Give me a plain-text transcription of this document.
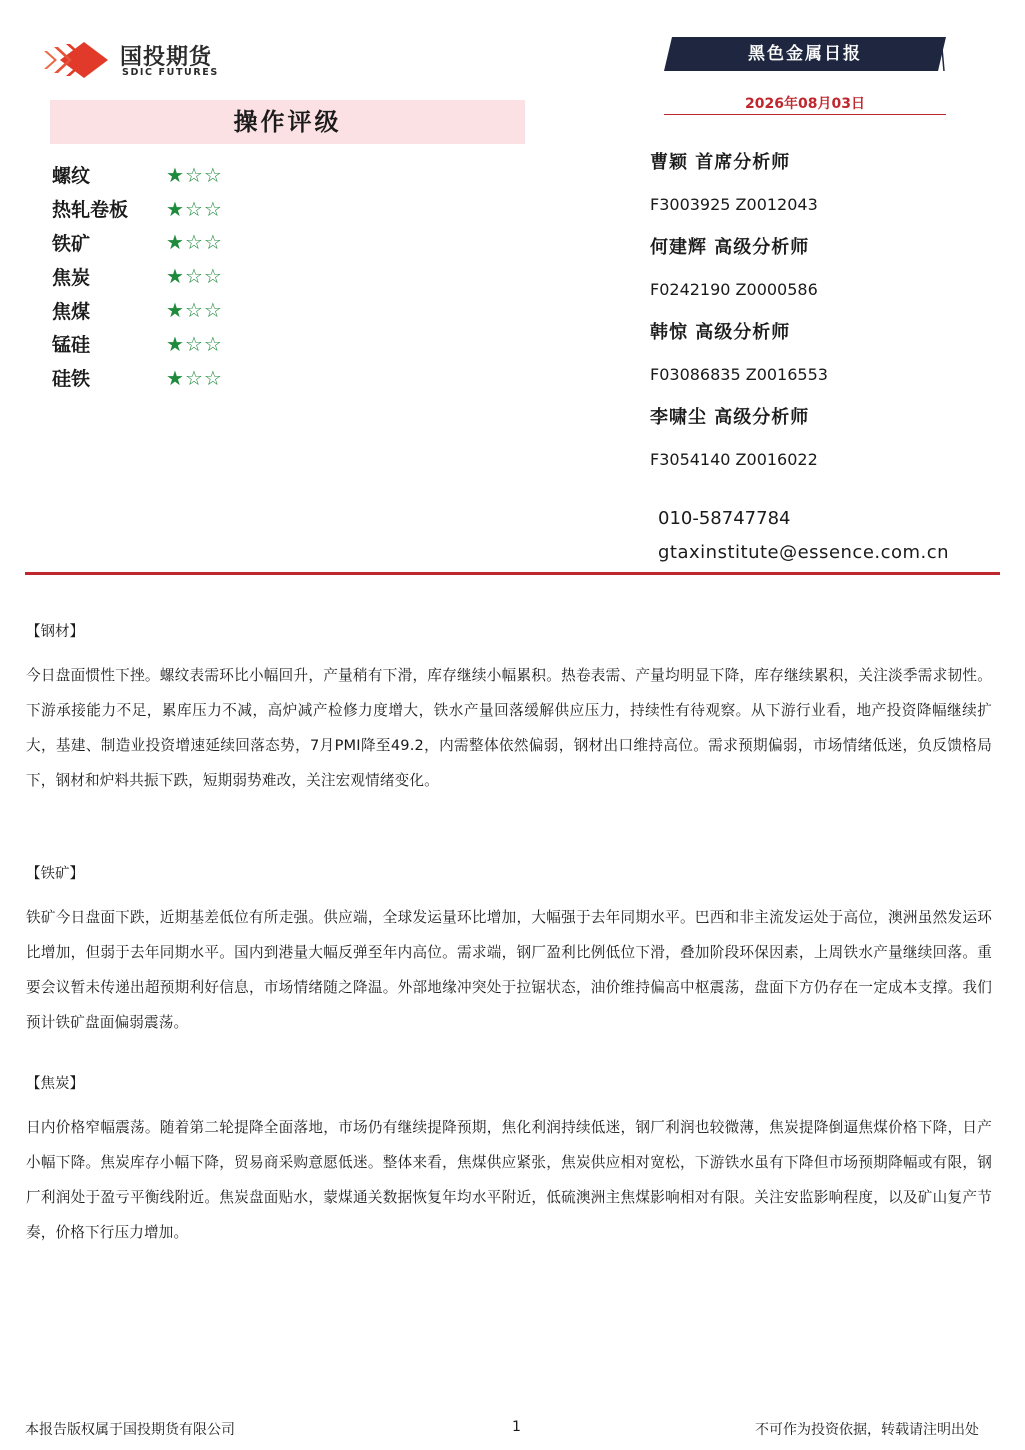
国投期货
SDIC FUTURES
黑色金属日报
2026年08月03日
操作评级
螺纹	★☆☆
热轧卷板	★☆☆
铁矿	★☆☆
焦炭	★☆☆
焦煤	★☆☆
锰硅	★☆☆
硅铁	★☆☆
曹颖 首席分析师
F3003925 Z0012043
何建辉 高级分析师
F0242190 Z0000586
韩惊 高级分析师
F03086835 Z0016553
李啸尘 高级分析师
F3054140 Z0016022
010-58747784
gtaxinstitute@essence.com.cn
【钢材】
今日盘面惯性下挫。螺纹表需环比小幅回升，产量稍有下滑，库存继续小幅累积。热卷表需、产量均明显下降，库存继续累积，关注淡季需求韧性。下游承接能力不足，累库压力不减，高炉减产检修力度增大，铁水产量回落缓解供应压力，持续性有待观察。从下游行业看，地产投资降幅继续扩大，基建、制造业投资增速延续回落态势，7月PMI降至49.2，内需整体依然偏弱，钢材出口维持高位。需求预期偏弱，市场情绪低迷，负反馈格局下，钢材和炉料共振下跌，短期弱势难改，关注宏观情绪变化。
【铁矿】
铁矿今日盘面下跌，近期基差低位有所走强。供应端，全球发运量环比增加，大幅强于去年同期水平。巴西和非主流发运处于高位，澳洲虽然发运环比增加，但弱于去年同期水平。国内到港量大幅反弹至年内高位。需求端，钢厂盈利比例低位下滑，叠加阶段环保因素，上周铁水产量继续回落。重要会议暂未传递出超预期利好信息，市场情绪随之降温。外部地缘冲突处于拉锯状态，油价维持偏高中枢震荡，盘面下方仍存在一定成本支撑。我们预计铁矿盘面偏弱震荡。
【焦炭】
日内价格窄幅震荡。随着第二轮提降全面落地，市场仍有继续提降预期，焦化利润持续低迷，钢厂利润也较微薄，焦炭提降倒逼焦煤价格下降，日产小幅下降。焦炭库存小幅下降，贸易商采购意愿低迷。整体来看，焦煤供应紧张，焦炭供应相对宽松，下游铁水虽有下降但市场预期降幅或有限，钢厂利润处于盈亏平衡线附近。焦炭盘面贴水，蒙煤通关数据恢复年均水平附近，低硫澳洲主焦煤影响相对有限。关注安监影响程度，以及矿山复产节奏，价格下行压力增加。
本报告版权属于国投期货有限公司	1	不可作为投资依据，转载请注明出处
